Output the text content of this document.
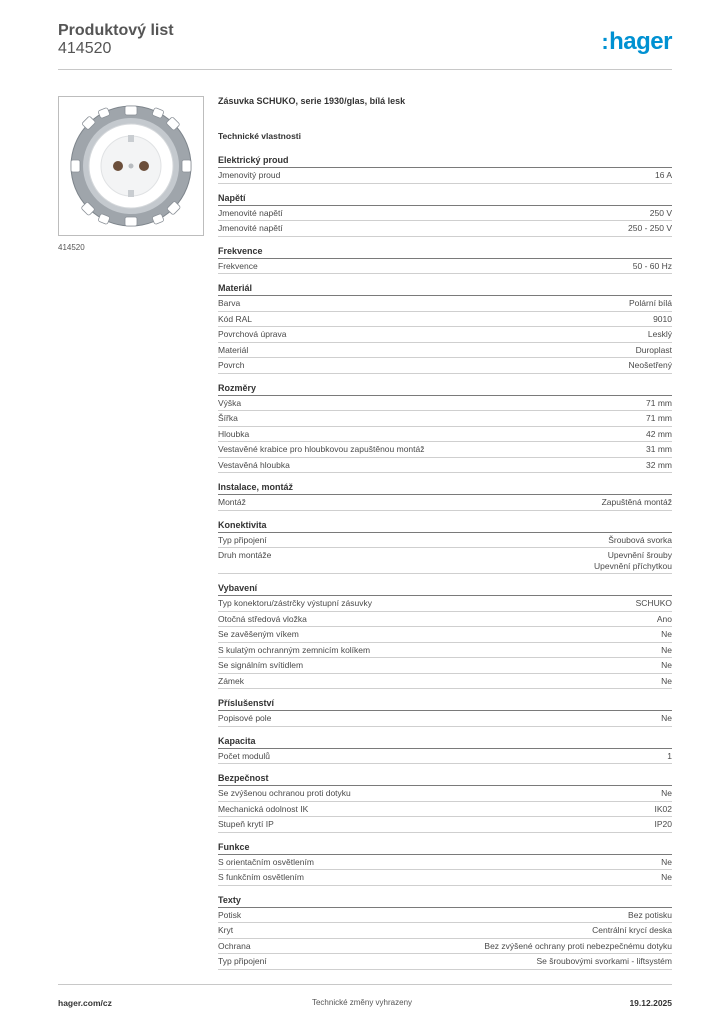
Produktový list
414520	:hager
414520
Zásuvka SCHUKO, serie 1930/glas, bílá lesk
Technické vlastnosti
Elektrický proud
Jmenovitý proud	16 A
Napětí
Jmenovité napětí	250 V
Jmenovité napětí	250 - 250 V
Frekvence
Frekvence	50 - 60 Hz
Materiál
Barva	Polární bílá
Kód RAL	9010
Povrchová úprava	Lesklý
Materiál	Duroplast
Povrch	Neošetřený
Rozměry
Výška	71 mm
Šířka	71 mm
Hloubka	42 mm
Vestavěné krabice pro hloubkovou zapuštěnou montáž	31 mm
Vestavěná hloubka	32 mm
Instalace, montáž
Montáž	Zapuštěná montáž
Konektivita
Typ připojení	Šroubová svorka
Druh montáže	Upevnění šrouby
Upevnění příchytkou
Vybavení
Typ konektoru/zástrčky výstupní zásuvky	SCHUKO
Otočná středová vložka	Ano
Se zavěšeným víkem	Ne
S kulatým ochranným zemnicím kolíkem	Ne
Se signálním svítidlem	Ne
Zámek	Ne
Příslušenství
Popisové pole	Ne
Kapacita
Počet modulů	1
Bezpečnost
Se zvýšenou ochranou proti dotyku	Ne
Mechanická odolnost IK	IK02
Stupeň krytí IP	IP20
Funkce
S orientačním osvětlením	Ne
S funkčním osvětlením	Ne
Texty
Potisk	Bez potisku
Kryt	Centrální krycí deska
Ochrana	Bez zvýšené ochrany proti nebezpečnému dotyku
Typ připojení	Se šroubovými svorkami - liftsystém
hager.com/cz	Technické změny vyhrazeny	19.12.2025
